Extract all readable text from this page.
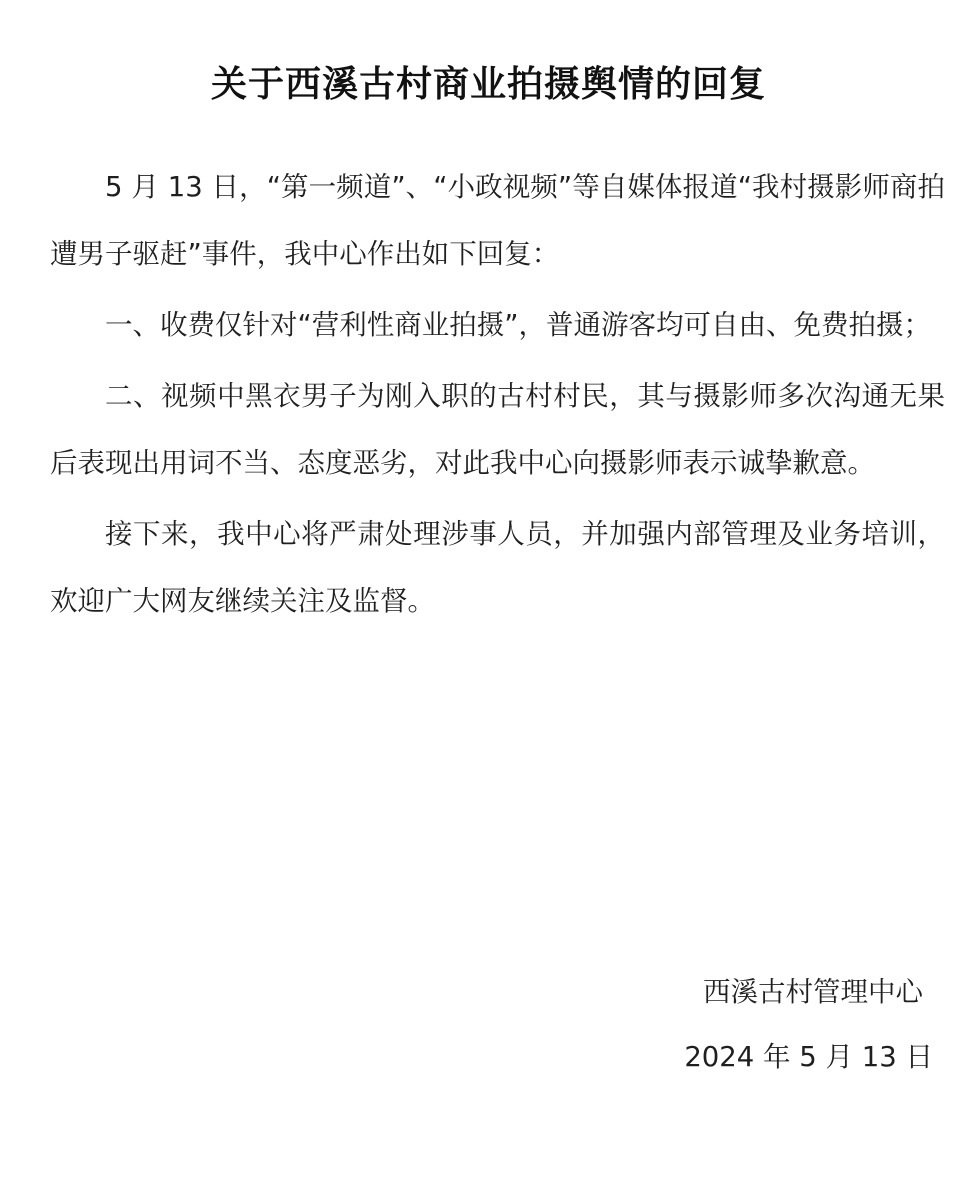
关于西溪古村商业拍摄舆情的回复

5 月 13 日，“第一频道”、“小政视频”等自媒体报道“我村摄影师商拍遭男子驱赶”事件，我中心作出如下回复：

一、收费仅针对“营利性商业拍摄”，普通游客均可自由、免费拍摄；

二、视频中黑衣男子为刚入职的古村村民，其与摄影师多次沟通无果后表现出用词不当、态度恶劣，对此我中心向摄影师表示诚挚歉意。

接下来，我中心将严肃处理涉事人员，并加强内部管理及业务培训，欢迎广大网友继续关注及监督。

西溪古村管理中心
2024 年 5 月 13 日
